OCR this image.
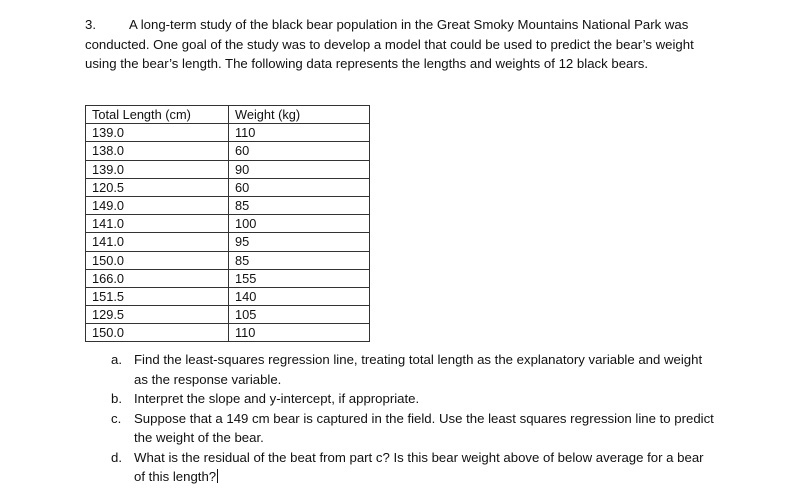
3.	A long-term study of the black bear population in the Great Smoky Mountains National Park was conducted. One goal of the study was to develop a model that could be used to predict the bear’s weight using the bear’s length. The following data represents the lengths and weights of 12 black bears.

Total Length (cm)	Weight (kg)
139.0	110
138.0	60
139.0	90
120.5	60
149.0	85
141.0	100
141.0	95
150.0	85
166.0	155
151.5	140
129.5	105
150.0	110
a. Find the least-squares regression line, treating total length as the explanatory variable and weight as the response variable.
b. Interpret the slope and y-intercept, if appropriate.
c. Suppose that a 149 cm bear is captured in the field. Use the least squares regression line to predict the weight of the bear.
d. What is the residual of the beat from part c? Is this bear weight above of below average for a bear of this length?
